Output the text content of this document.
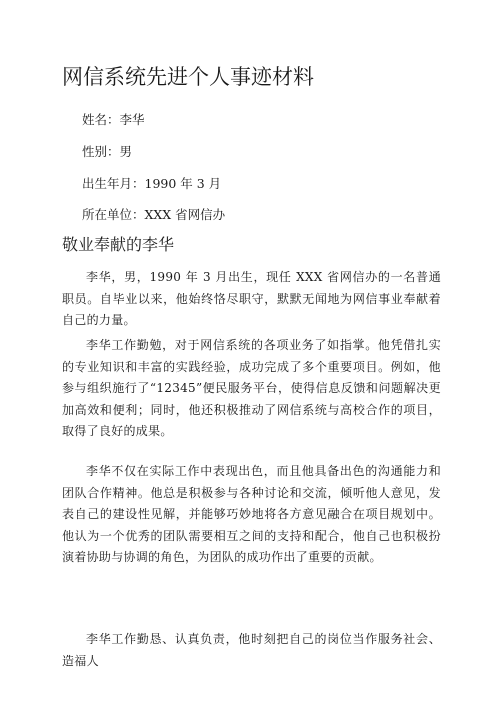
网信系统先进个人事迹材料
姓名：李华
性别：男
出生年月：1990 年 3 月
所在单位：XXX 省网信办
敬业奉献的李华

李华，男，1990 年 3 月出生，现任 XXX 省网信办的一名普通职员。自毕业以来，他始终恪尽职守，默默无闻地为网信事业奉献着自己的力量。

李华工作勤勉，对于网信系统的各项业务了如指掌。他凭借扎实的专业知识和丰富的实践经验，成功完成了多个重要项目。例如，他参与组织施行了“12345”便民服务平台，使得信息反馈和问题解决更加高效和便利；同时，他还积极推动了网信系统与高校合作的项目，取得了良好的成果。

李华不仅在实际工作中表现出色，而且他具备出色的沟通能力和团队合作精神。他总是积极参与各种讨论和交流，倾听他人意见，发表自己的建设性见解，并能够巧妙地将各方意见融合在项目规划中。他认为一个优秀的团队需要相互之间的支持和配合，他自己也积极扮演着协助与协调的角色，为团队的成功作出了重要的贡献。

李华工作勤恳、认真负责，他时刻把自己的岗位当作服务社会、造福人
